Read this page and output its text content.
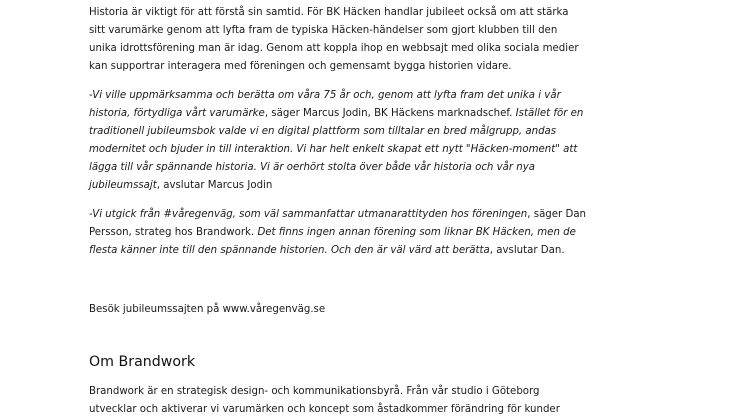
Historia är viktigt för att förstå sin samtid. För BK Häcken handlar jubileet också om att stärka
sitt varumärke genom att lyfta fram de typiska Häcken-händelser som gjort klubben till den
unika idrottsförening man är idag. Genom att koppla ihop en webbsajt med olika sociala medier
kan supportrar interagera med föreningen och gemensamt bygga historien vidare.

-Vi ville uppmärksamma och berätta om våra 75 år och, genom att lyfta fram det unika i vår
historia, förtydliga vårt varumärke, säger Marcus Jodin, BK Häckens marknadschef. Istället för en
traditionell jubileumsbok valde vi en digital plattform som tilltalar en bred målgrupp, andas
modernitet och bjuder in till interaktion. Vi har helt enkelt skapat ett nytt "Häcken-moment" att
lägga till vår spännande historia. Vi är oerhört stolta över både vår historia och vår nya
jubileumssajt, avslutar Marcus Jodin

-Vi utgick från #våregenväg, som väl sammanfattar utmanarattityden hos föreningen, säger Dan
Persson, strateg hos Brandwork. Det finns ingen annan förening som liknar BK Häcken, men de
flesta känner inte till den spännande historien. Och den är väl värd att berätta, avslutar Dan.

Besök jubileumssajten på www.våregenväg.se

Om Brandwork

Brandwork är en strategisk design- och kommunikationsbyrå. Från vår studio i Göteborg
utvecklar och aktiverar vi varumärken och koncept som åstadkommer förändring för kunder
